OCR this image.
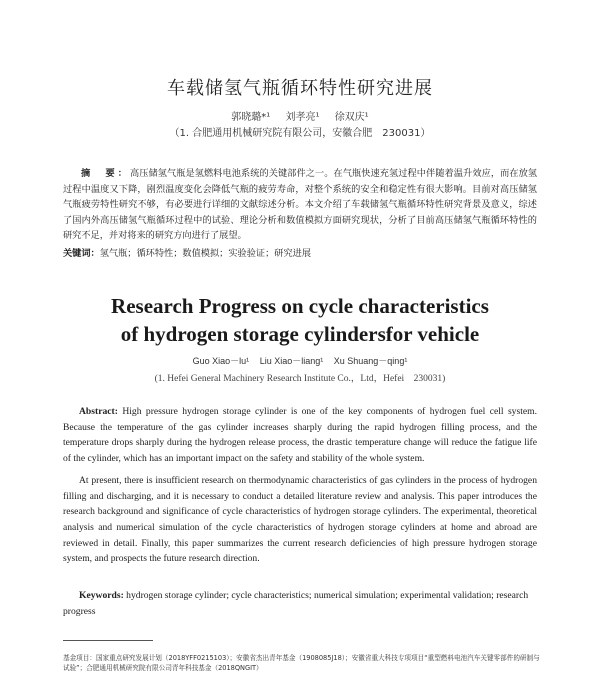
车载储氢气瓶循环特性研究进展
郭晓璐*¹ 刘孝亮¹ 徐双庆¹
（1. 合肥通用机械研究院有限公司，安徽合肥　230031）
摘　要：高压储氢气瓶是氢燃料电池系统的关键部件之一。在气瓶快速充氢过程中伴随着温升效应，而在放氢过程中温度又下降，剧烈温度变化会降低气瓶的疲劳寿命，对整个系统的安全和稳定性有很大影响。目前对高压储氢气瓶疲劳特性研究不够，有必要进行详细的文献综述分析。本文介绍了车载储氢气瓶循环特性研究背景及意义，综述了国内外高压储氢气瓶循环过程中的试验、理论分析和数值模拟方面研究现状，分析了目前高压储氢气瓶循环特性的研究不足，并对将来的研究方向进行了展望。
关键词：氢气瓶；循环特性；数值模拟；实验验证；研究进展
Research Progress on cycle characteristics
of hydrogen storage cylindersfor vehicle
Guo Xiao－lu¹ Liu Xiao－liang¹ Xu Shuang－qing¹
(1. Hefei General Machinery Research Institute Co.，Ltd，Hefei　230031)

Abstract: High pressure hydrogen storage cylinder is one of the key components of hydrogen fuel cell system. Because the temperature of the gas cylinder increases sharply during the rapid hydrogen filling process, and the temperature drops sharply during the hydrogen release process, the drastic temperature change will reduce the fatigue life of the cylinder, which has an important impact on the safety and stability of the whole system.

At present, there is insufficient research on thermodynamic characteristics of gas cylinders in the process of hydrogen filling and discharging, and it is necessary to conduct a detailed literature review and analysis. This paper introduces the research background and significance of cycle characteristics of hydrogen storage cylinders. The experimental, theoretical analysis and numerical simulation of the cycle characteristics of hydrogen storage cylinders at home and abroad are reviewed in detail. Finally, this paper summarizes the current research deficiencies of high pressure hydrogen storage system, and prospects the future research direction.

Keywords: hydrogen storage cylinder; cycle characteristics; numerical simulation; experimental validation; research progress
基金项目：国家重点研究发展计划（2018YFF0215103）；安徽省杰出青年基金（1908085J18）；安徽省重大科技专项项目“重型燃料电池汽车关键零部件的研制与试验”；合肥通用机械研究院有限公司青年科技基金（2018QNGIT）
